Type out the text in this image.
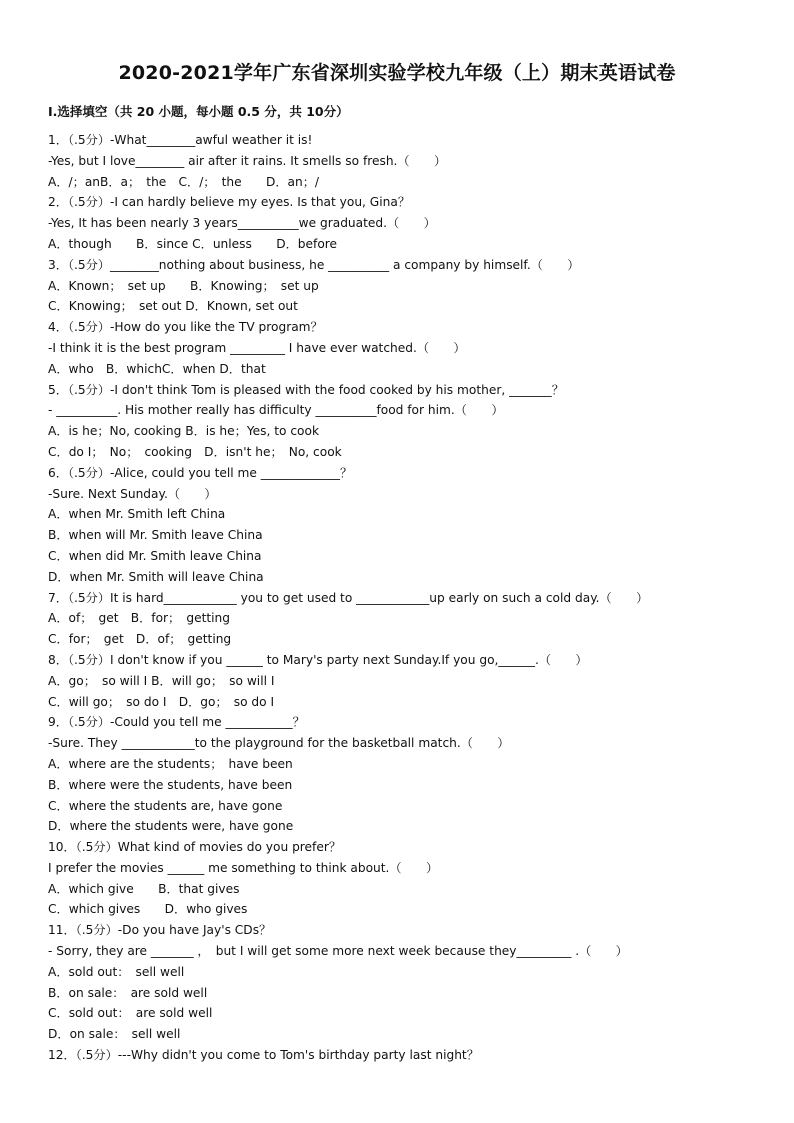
2020-2021学年广东省深圳实验学校九年级（上）期末英语试卷
I.选择填空（共 20 小题，每小题 0.5 分，共 10分）
1．（.5分）-What________awful weather it is!
-Yes, but I love________ air after it rains. It smells so fresh.（　　）
A．/；anB．a；　the　C．/；　the　　D．an；/
2．（.5分）-I can hardly believe my eyes. Is that you, Gina？
-Yes, It has been nearly 3 years__________we graduated.（　　）
A．though　　B．since C．unless　　D．before
3．（.5分）________nothing about business, he __________ a company by himself.（　　）
A．Known；　set up　　B．Knowing；　set up
C．Knowing；　set out D．Known, set out
4．（.5分）-How do you like the TV program？
-I think it is the best program _________ I have ever watched.（　　）
A．who　B．whichC．when D．that
5．（.5分）-I don't think Tom is pleased with the food cooked by his mother, _______？
- __________. His mother really has difficulty __________food for him.（　　）
A．is he；No, cooking B．is he；Yes, to cook
C．do I；　No；　cooking　D．isn't he；　No, cook
6．（.5分）-Alice, could you tell me _____________？
-Sure. Next Sunday.（　　）
A．when Mr. Smith left China
B．when will Mr. Smith leave China
C．when did Mr. Smith leave China
D．when Mr. Smith will leave China
7．（.5分）It is hard____________ you to get used to ____________up early on such a cold day.（　　）
A．of；　get　B．for；　getting
C．for；　get　D．of；　getting
8．（.5分）I don't know if you ______ to Mary's party next Sunday.If you go,______.（　　）
A．go；　so will I B．will go；　so will I
C．will go；　so do I　D．go；　so do I
9．（.5分）-Could you tell me ___________？
-Sure. They ____________to the playground for the basketball match.（　　）
A．where are the students；　have been
B．where were the students, have been
C．where the students are, have gone
D．where the students were, have gone
10．（.5分）What kind of movies do you prefer？
I prefer the movies ______ me something to think about.（　　）
A．which give　　B．that gives
C．which gives　　D．who gives
11．（.5分）-Do you have Jay's CDs？
- Sorry, they are _______ ，　but I will get some more next week because they_________ .（　　）
A．sold out：　sell well
B．on sale：　are sold well
C．sold out：　are sold well
D．on sale：　sell well
12．（.5分）---Why didn't you come to Tom's birthday party last night？
